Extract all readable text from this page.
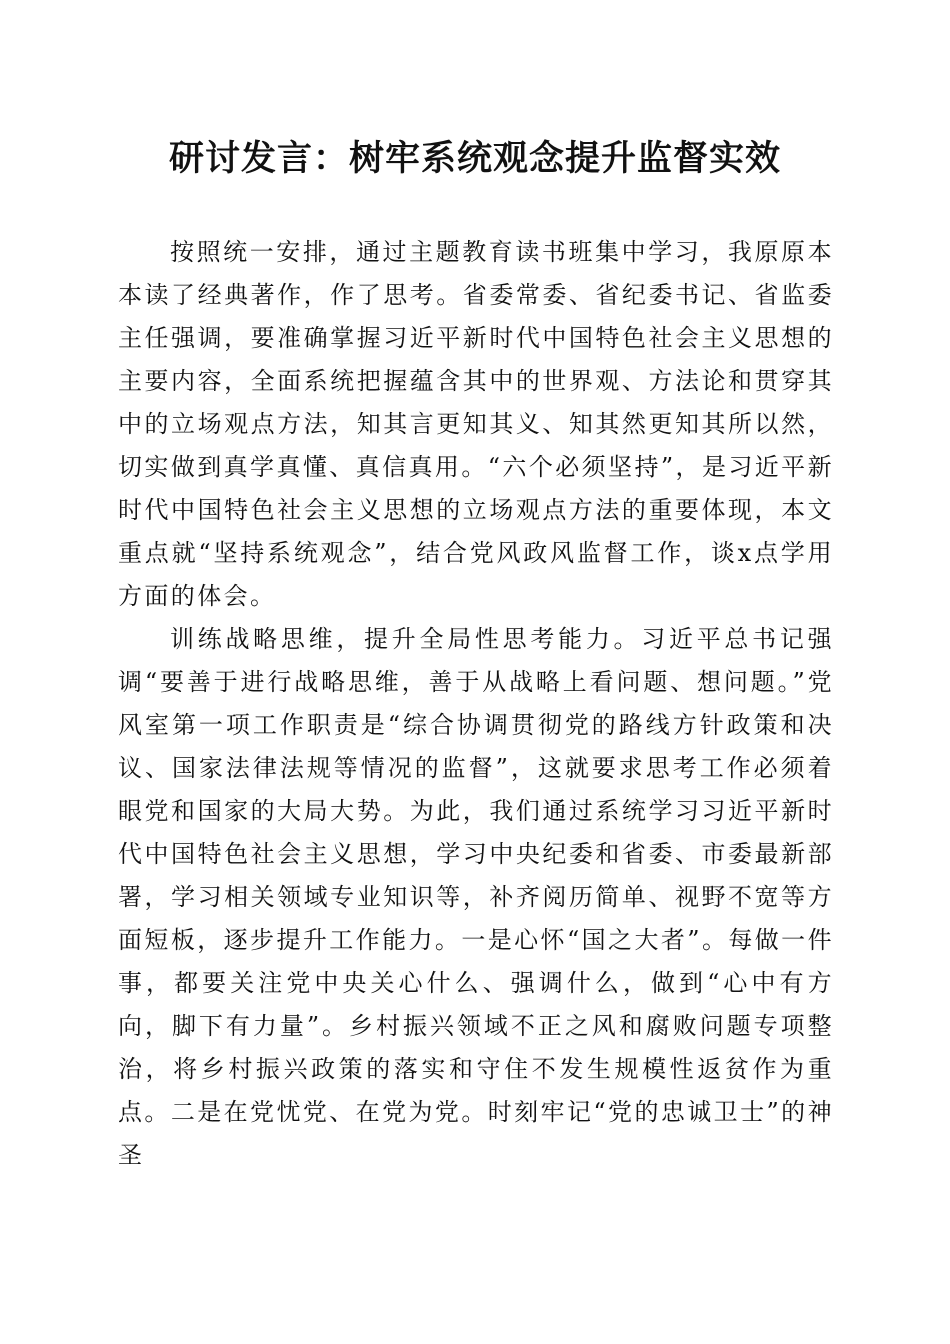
研讨发言：树牢系统观念提升监督实效

按照统一安排，通过主题教育读书班集中学习，我原原本本读了经典著作，作了思考。省委常委、省纪委书记、省监委主任强调，要准确掌握习近平新时代中国特色社会主义思想的主要内容，全面系统把握蕴含其中的世界观、方法论和贯穿其中的立场观点方法，知其言更知其义、知其然更知其所以然，切实做到真学真懂、真信真用。“六个必须坚持”，是习近平新时代中国特色社会主义思想的立场观点方法的重要体现，本文重点就“坚持系统观念”，结合党风政风监督工作，谈x点学用方面的体会。

训练战略思维，提升全局性思考能力。习近平总书记强调“要善于进行战略思维，善于从战略上看问题、想问题。”党风室第一项工作职责是“综合协调贯彻党的路线方针政策和决议、国家法律法规等情况的监督”，这就要求思考工作必须着眼党和国家的大局大势。为此，我们通过系统学习习近平新时代中国特色社会主义思想，学习中央纪委和省委、市委最新部署，学习相关领域专业知识等，补齐阅历简单、视野不宽等方面短板，逐步提升工作能力。一是心怀“国之大者”。每做一件事，都要关注党中央关心什么、强调什么，做到“心中有方向，脚下有力量”。乡村振兴领域不正之风和腐败问题专项整治，将乡村振兴政策的落实和守住不发生规模性返贫作为重点。二是在党忧党、在党为党。时刻牢记“党的忠诚卫士”的神圣
